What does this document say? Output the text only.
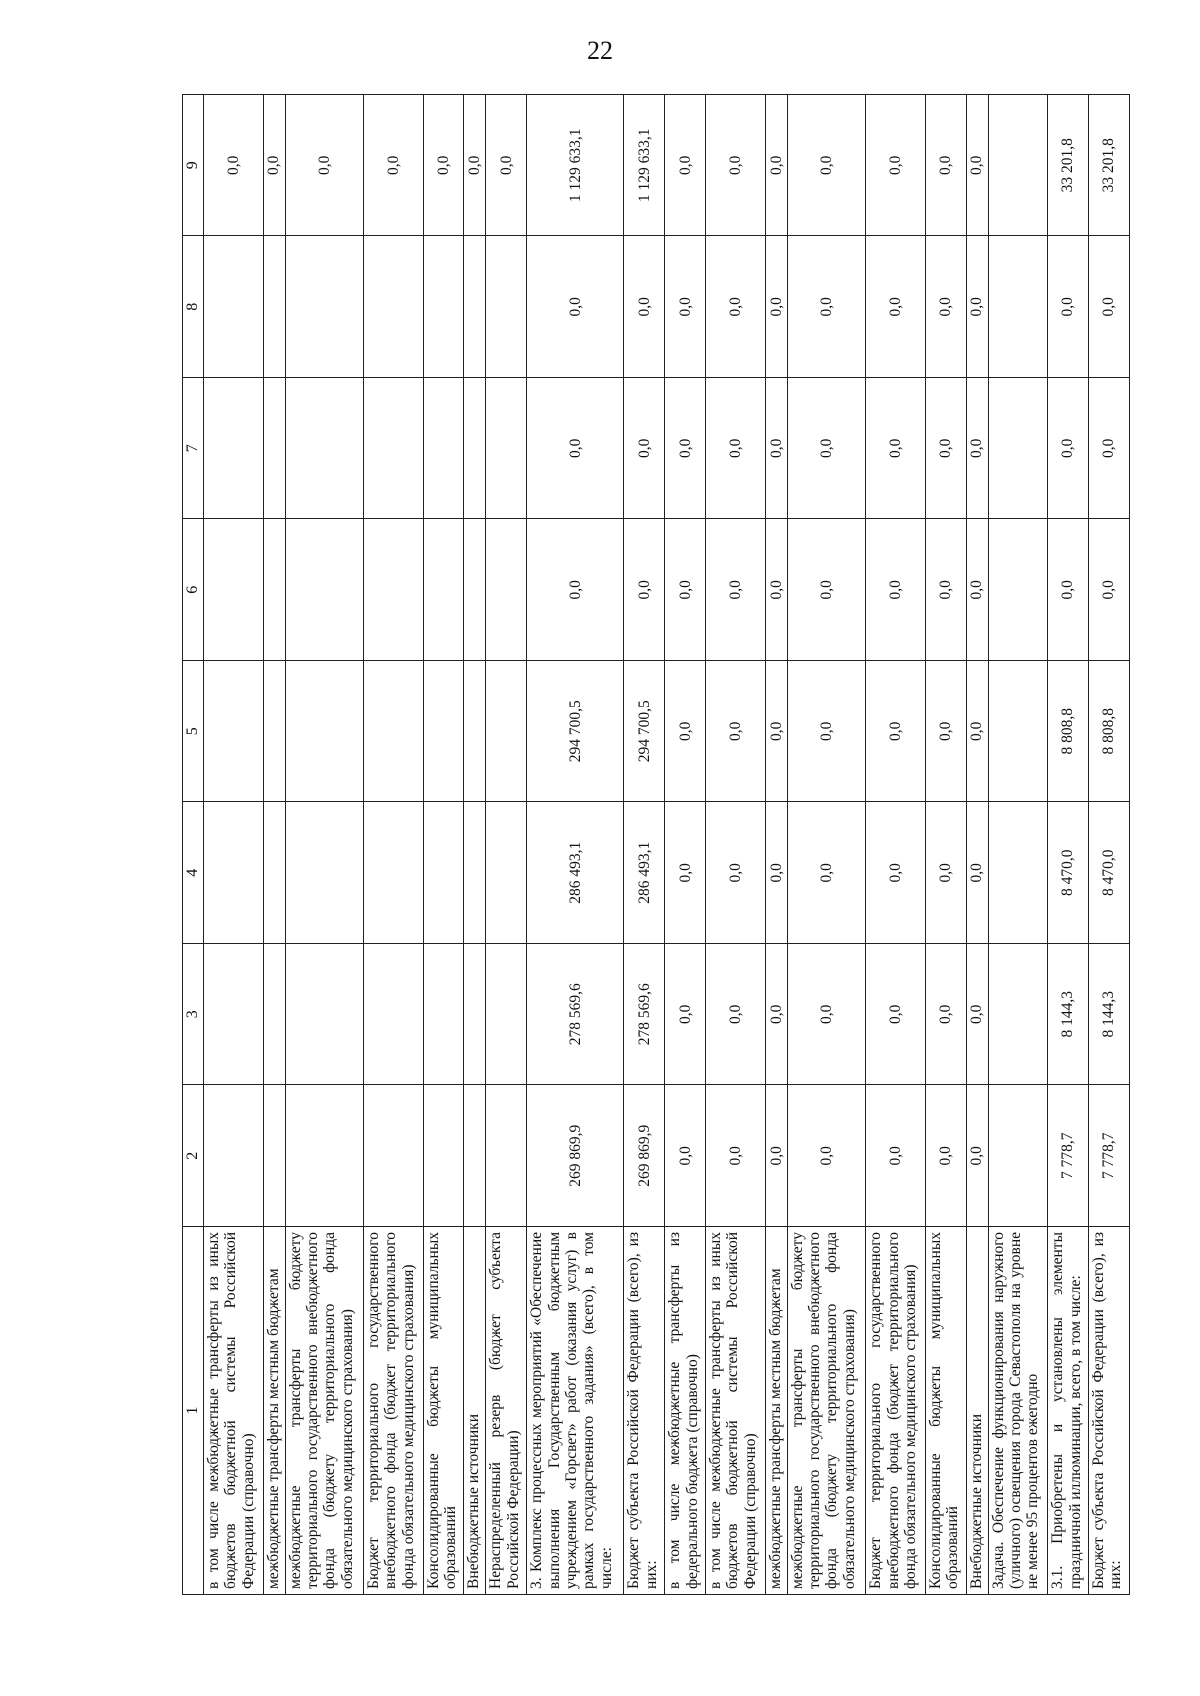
22
1	2	3	4	5	6	7	8	9
в том числе межбюджетные трансферты из иных бюджетов бюджетной системы Российской Федерации (справочно)								0,0
межбюджетные трансферты местным бюджетам								0,0
межбюджетные трансферты бюджету территориального государственного внебюджетного фонда (бюджету территориального фонда обязательного медицинского страхования)								0,0
Бюджет территориального государственного внебюджетного фонда (бюджет территориального фонда обязательного медицинского страхования)								0,0
Консолидированные бюджеты муниципальных образований								0,0
Внебюджетные источники								0,0
Нераспределенный резерв (бюджет субъекта Российской Федерации)								0,0
3. Комплекс процессных мероприятий «Обеспечение выполнения Государственным бюджетным учреждением «Горсвет» работ (оказания услуг) в рамках государственного задания» (всего), в том числе:	269 869,9	278 569,6	286 493,1	294 700,5	0,0	0,0	0,0	1 129 633,1
Бюджет субъекта Российской Федерации (всего), из них:	269 869,9	278 569,6	286 493,1	294 700,5	0,0	0,0	0,0	1 129 633,1
в том числе межбюджетные трансферты из федерального бюджета (справочно)	0,0	0,0	0,0	0,0	0,0	0,0	0,0	0,0
в том числе межбюджетные трансферты из иных бюджетов бюджетной системы Российской Федерации (справочно)	0,0	0,0	0,0	0,0	0,0	0,0	0,0	0,0
межбюджетные трансферты местным бюджетам	0,0	0,0	0,0	0,0	0,0	0,0	0,0	0,0
межбюджетные трансферты бюджету территориального государственного внебюджетного фонда (бюджету территориального фонда обязательного медицинского страхования)	0,0	0,0	0,0	0,0	0,0	0,0	0,0	0,0
Бюджет территориального государственного внебюджетного фонда (бюджет территориального фонда обязательного медицинского страхования)	0,0	0,0	0,0	0,0	0,0	0,0	0,0	0,0
Консолидированные бюджеты муниципальных образований	0,0	0,0	0,0	0,0	0,0	0,0	0,0	0,0
Внебюджетные источники	0,0	0,0	0,0	0,0	0,0	0,0	0,0	0,0
Задача. Обеспечение функционирования наружного (уличного) освещения города Севастополя на уровне не менее 95 процентов ежегодно								
3.1. Приобретены и установлены элементы праздничной иллюминации, всего, в том числе:	7 778,7	8 144,3	8 470,0	8 808,8	0,0	0,0	0,0	33 201,8
Бюджет субъекта Российской Федерации (всего), из них:	7 778,7	8 144,3	8 470,0	8 808,8	0,0	0,0	0,0	33 201,8
